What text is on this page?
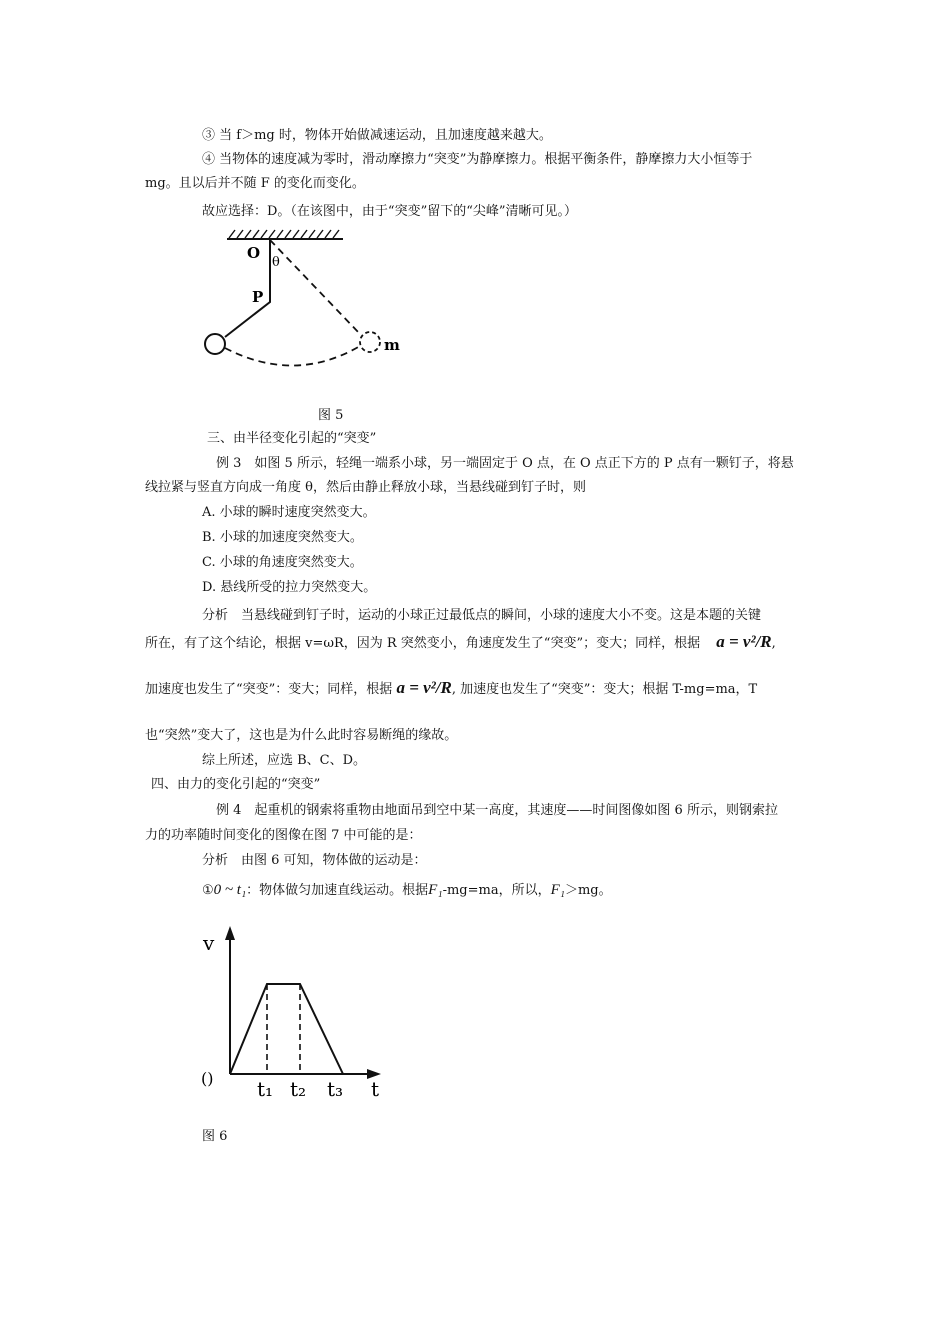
③ 当 f＞mg 时，物体开始做减速运动，且加速度越来越大。
④ 当物体的速度减为零时，滑动摩擦力“突变”为静摩擦力。根据平衡条件，静摩擦力大小恒等于
mg。且以后并不随 F 的变化而变化。
故应选择：D。（在该图中，由于“突变”留下的“尖峰”清晰可见。）
O
θ
P
m
图 5
三、由半径变化引起的“突变”
例 3　如图 5 所示，轻绳一端系小球，另一端固定于 O 点，在 O 点正下方的 P 点有一颗钉子，将悬
线拉紧与竖直方向成一角度 θ，然后由静止释放小球，当悬线碰到钉子时，则
A. 小球的瞬时速度突然变大。
B. 小球的加速度突然变大。
C. 小球的角速度突然变大。
D. 悬线所受的拉力突然变大。
分析　当悬线碰到钉子时，运动的小球正过最低点的瞬间，小球的速度大小不变。这是本题的关键
所在，有了这个结论，根据 v=ωR，因为 R 突然变小，角速度发生了“突变”；变大；同样，根据 a = v²/R,
加速度也发生了“突变”：变大；同样，根据 a = v²/R, 加速度也发生了“突变”：变大；根据 T-mg=ma，T
也“突然”变大了，这也是为什么此时容易断绳的缘故。
综上所述，应选 B、C、D。
四、由力的变化引起的“突变”
例 4　起重机的钢索将重物由地面吊到空中某一高度，其速度——时间图像如图 6 所示，则钢索拉
力的功率随时间变化的图像在图 7 中可能的是：
分析　由图 6 可知，物体做的运动是：
①0 ~ t₁：物体做匀加速直线运动。根据F₁-mg=ma，所以，F₁＞mg。
v
() t₁ t₂ t₃ t
图 6
